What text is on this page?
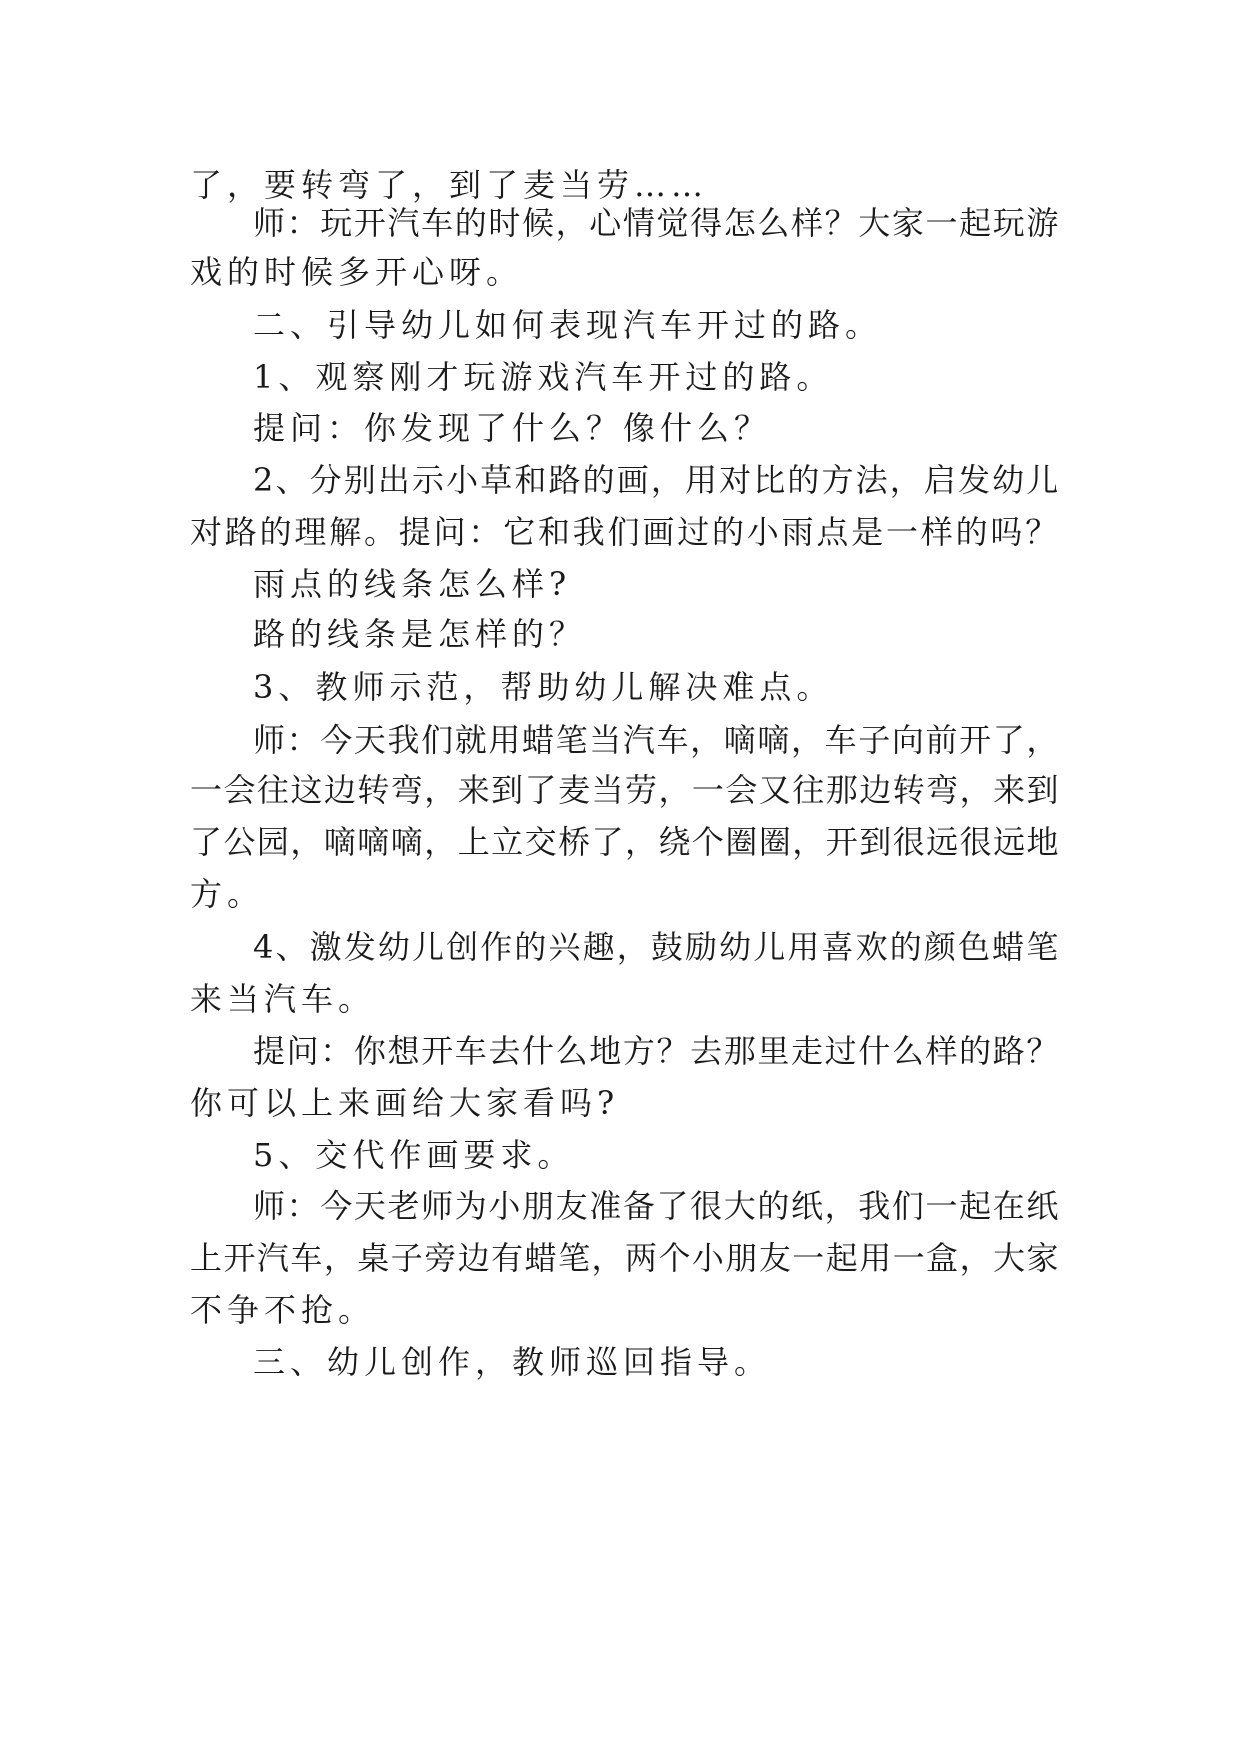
了，要转弯了，到了麦当劳……
师：玩开汽车的时候，心情觉得怎么样？大家一起玩游
戏的时候多开心呀。
二、引导幼儿如何表现汽车开过的路。
1、观察刚才玩游戏汽车开过的路。
提问：你发现了什么？像什么？
2、分别出示小草和路的画，用对比的方法，启发幼儿
对路的理解。提问：它和我们画过的小雨点是一样的吗？
雨点的线条怎么样?
路的线条是怎样的？
3、教师示范，帮助幼儿解决难点。
师：今天我们就用蜡笔当汽车，嘀嘀，车子向前开了，
一会往这边转弯，来到了麦当劳，一会又往那边转弯，来到
了公园，嘀嘀嘀，上立交桥了，绕个圈圈，开到很远很远地
方。
4、激发幼儿创作的兴趣，鼓励幼儿用喜欢的颜色蜡笔
来当汽车。
提问：你想开车去什么地方？去那里走过什么样的路？
你可以上来画给大家看吗?
5、交代作画要求。
师：今天老师为小朋友准备了很大的纸，我们一起在纸
上开汽车，桌子旁边有蜡笔，两个小朋友一起用一盒，大家
不争不抢。
三、幼儿创作，教师巡回指导。
